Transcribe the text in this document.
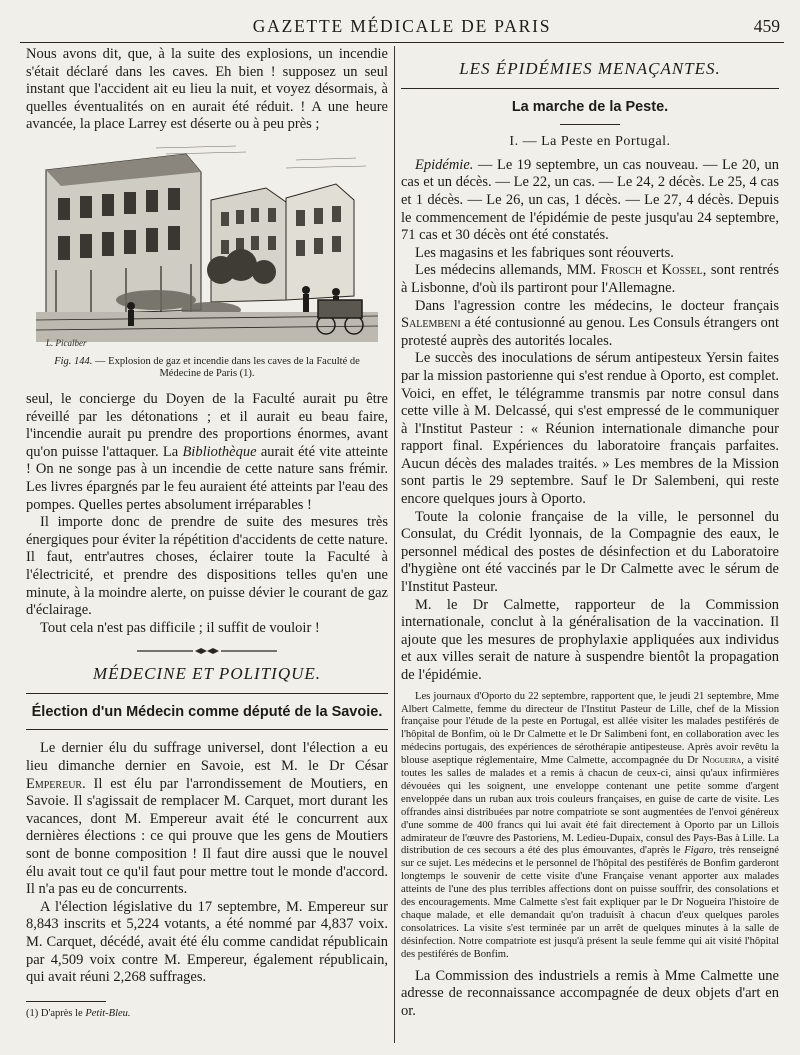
GAZETTE MÉDICALE DE PARIS	459

Nous avons dit, que, à la suite des explosions, un incendie s'était déclaré dans les caves. Eh bien ! supposez un seul instant que l'accident ait eu lieu la nuit, et voyez désormais, à quelles éventualités on en aurait été réduit. ! A une heure avancée, la place Larrey est déserte ou à peu près ;

L. Picalber
Fig. 144. — Explosion de gaz et incendie dans les caves de la Faculté de Médecine de Paris (1).

seul, le concierge du Doyen de la Faculté aurait pu être réveillé par les détonations ; et il aurait eu beau faire, l'incendie aurait pu prendre des proportions énormes, avant qu'on puisse l'attaquer. La Bibliothèque aurait été vite atteinte ! On ne songe pas à un incendie de cette nature sans frémir. Les livres épargnés par le feu auraient été atteints par l'eau des pompes. Quelles pertes absolument irréparables !

Il importe donc de prendre de suite des mesures très énergiques pour éviter la répétition d'accidents de cette nature. Il faut, entr'autres choses, éclairer toute la Faculté à l'électricité, et prendre des dispositions telles qu'en une minute, à la moindre alerte, on puisse dévier le courant de gaz d'éclairage.

Tout cela n'est pas difficile ; il suffit de vouloir !

MÉDECINE ET POLITIQUE.
Élection d'un Médecin comme député de la Savoie.

Le dernier élu du suffrage universel, dont l'élection a eu lieu dimanche dernier en Savoie, est M. le Dr César Empereur. Il est élu par l'arrondissement de Moutiers, en Savoie. Il s'agissait de remplacer M. Carquet, mort durant les vacances, dont M. Empereur avait été le concurrent aux dernières élections : ce qui prouve que les gens de Moutiers sont de bonne composition ! Il faut dire aussi que le nouvel élu avait tout ce qu'il faut pour mettre tout le monde d'accord. Il n'a pas eu de concurrents.

A l'élection législative du 17 septembre, M. Empereur sur 8,843 inscrits et 5,224 votants, a été nommé par 4,837 voix. M. Carquet, décédé, avait été élu comme candidat républicain par 4,509 voix contre M. Empereur, également républicain, qui avait réuni 2,268 suffrages.

(1) D'après le Petit-Bleu.

LES ÉPIDÉMIES MENAÇANTES.
La marche de la Peste.
I. — La Peste en Portugal.

Epidémie. — Le 19 septembre, un cas nouveau. — Le 20, un cas et un décès. — Le 22, un cas. — Le 24, 2 décès. Le 25, 4 cas et 1 décès. — Le 26, un cas, 1 décès. — Le 27, 4 décès. Depuis le commencement de l'épidémie de peste jusqu'au 24 septembre, 71 cas et 30 décès ont été constatés.

Les magasins et les fabriques sont réouverts.

Les médecins allemands, MM. Frosch et Kossel, sont rentrés à Lisbonne, d'où ils partiront pour l'Allemagne.

Dans l'agression contre les médecins, le docteur français Salembeni a été contusionné au genou. Les Consuls étrangers ont protesté auprès des autorités locales.

Le succès des inoculations de sérum antipesteux Yersin faites par la mission pastorienne qui s'est rendue à Oporto, est complet. Voici, en effet, le télégramme transmis par notre consul dans cette ville à M. Delcassé, qui s'est empressé de le communiquer à l'Institut Pasteur : « Réunion internationale dimanche pour rapport final. Expériences du laboratoire français parfaites. Aucun décès des malades traités. » Les membres de la Mission sont partis le 29 septembre. Sauf le Dr Salembeni, qui reste encore quelques jours à Oporto.

Toute la colonie française de la ville, le personnel du Consulat, du Crédit lyonnais, de la Compagnie des eaux, le personnel médical des postes de désinfection et du Laboratoire d'hygiène ont été vaccinés par le Dr Calmette avec le sérum de l'Institut Pasteur.

M. le Dr Calmette, rapporteur de la Commission internationale, conclut à la généralisation de la vaccination. Il ajoute que les mesures de prophylaxie appliquées aux individus et aux villes serait de nature à suspendre bientôt la propagation de l'épidémie.

Les journaux d'Oporto du 22 septembre, rapportent que, le jeudi 21 septembre, Mme Albert Calmette, femme du directeur de l'Institut Pasteur de Lille, chef de la Mission française pour l'étude de la peste en Portugal, est allée visiter les malades pestiférés de l'hôpital de Bonfim, où le Dr Calmette et le Dr Salimbeni font, en collaboration avec les médecins portugais, des expériences de sérothérapie antipesteuse. Après avoir revêtu la blouse aseptique réglementaire, Mme Calmette, accompagnée du Dr Nogueira, a visité toutes les salles de malades et a remis à chacun de ceux-ci, ainsi qu'aux infirmières dévouées qui les soignent, une enveloppe contenant une petite somme d'argent enveloppée dans un ruban aux trois couleurs françaises, en guise de carte de visite. Les offrandes ainsi distribuées par notre compatriote se sont augmentées de l'envoi généreux d'une somme de 400 francs qui lui avait été fait directement à Oporto par un Lillois admirateur de l'œuvre des Pastoriens, M. Ledieu-Dupaix, consul des Pays-Bas à Lille. La distribution de ces secours a été des plus émouvantes, d'après le Figaro, très renseigné sur ce sujet. Les médecins et le personnel de l'hôpital des pestiférés de Bonfim garderont longtemps le souvenir de cette visite d'une Française venant apporter aux malades atteints de l'une des plus terribles affections dont on puisse souffrir, des consolations et des encouragements. Mme Calmette s'est fait expliquer par le Dr Nogueira l'histoire de chaque malade, et elle demandait qu'on traduisît à chacun d'eux quelques paroles consolatrices. La visite s'est terminée par un arrêt de quelques minutes à la salle de désinfection. Notre compatriote est jusqu'à présent la seule femme qui ait visité l'hôpital des pestiférés de Bonfim.

La Commission des industriels a remis à Mme Calmette une adresse de reconnaissance accompagnée de deux objets d'art en or.
